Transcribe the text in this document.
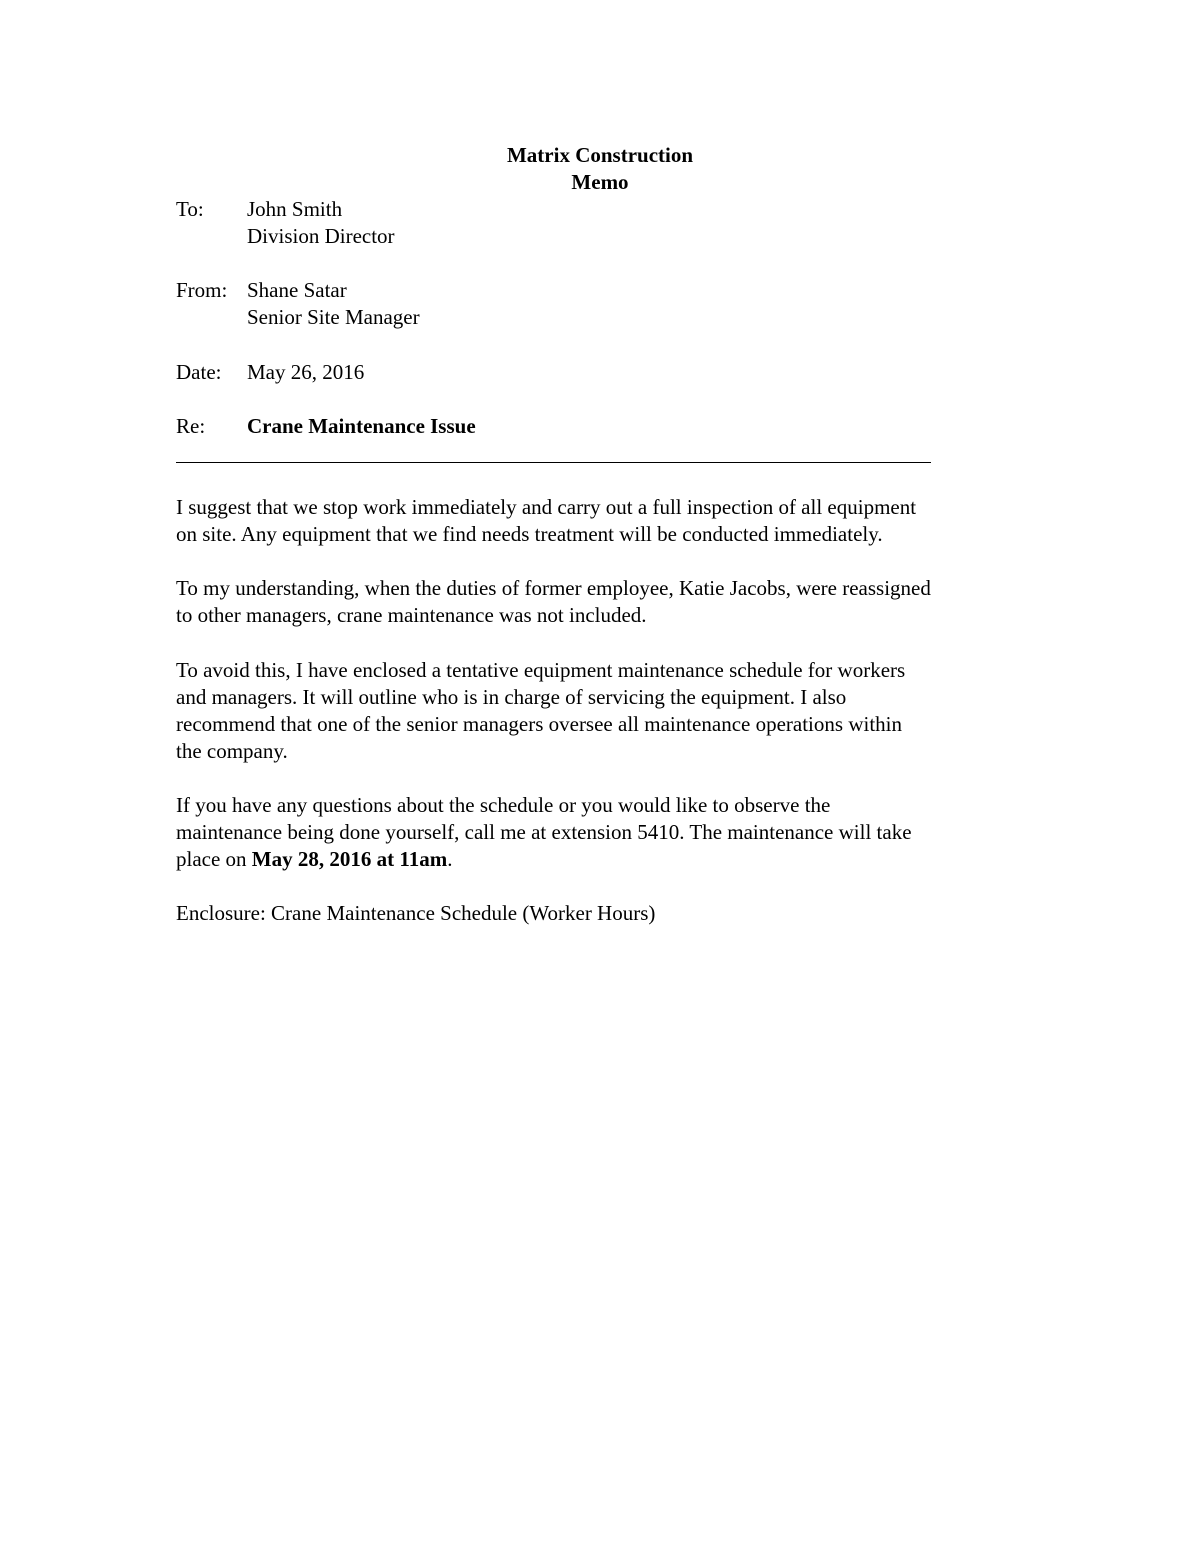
Matrix Construction
Memo
To:	John Smith
Division Director
From: Shane Satar
Senior Site Manager
Date:	May 26, 2016
Re:	Crane Maintenance Issue
I suggest that we stop work immediately and carry out a full inspection of all equipment
on site. Any equipment that we find needs treatment will be conducted immediately.
To my understanding, when the duties of former employee, Katie Jacobs, were reassigned
to other managers, crane maintenance was not included.
To avoid this, I have enclosed a tentative equipment maintenance schedule for workers
and managers. It will outline who is in charge of servicing the equipment. I also
recommend that one of the senior managers oversee all maintenance operations within
the company.
If you have any questions about the schedule or you would like to observe the
maintenance being done yourself, call me at extension 5410. The maintenance will take
place on May 28, 2016 at 11am.
Enclosure: Crane Maintenance Schedule (Worker Hours)
